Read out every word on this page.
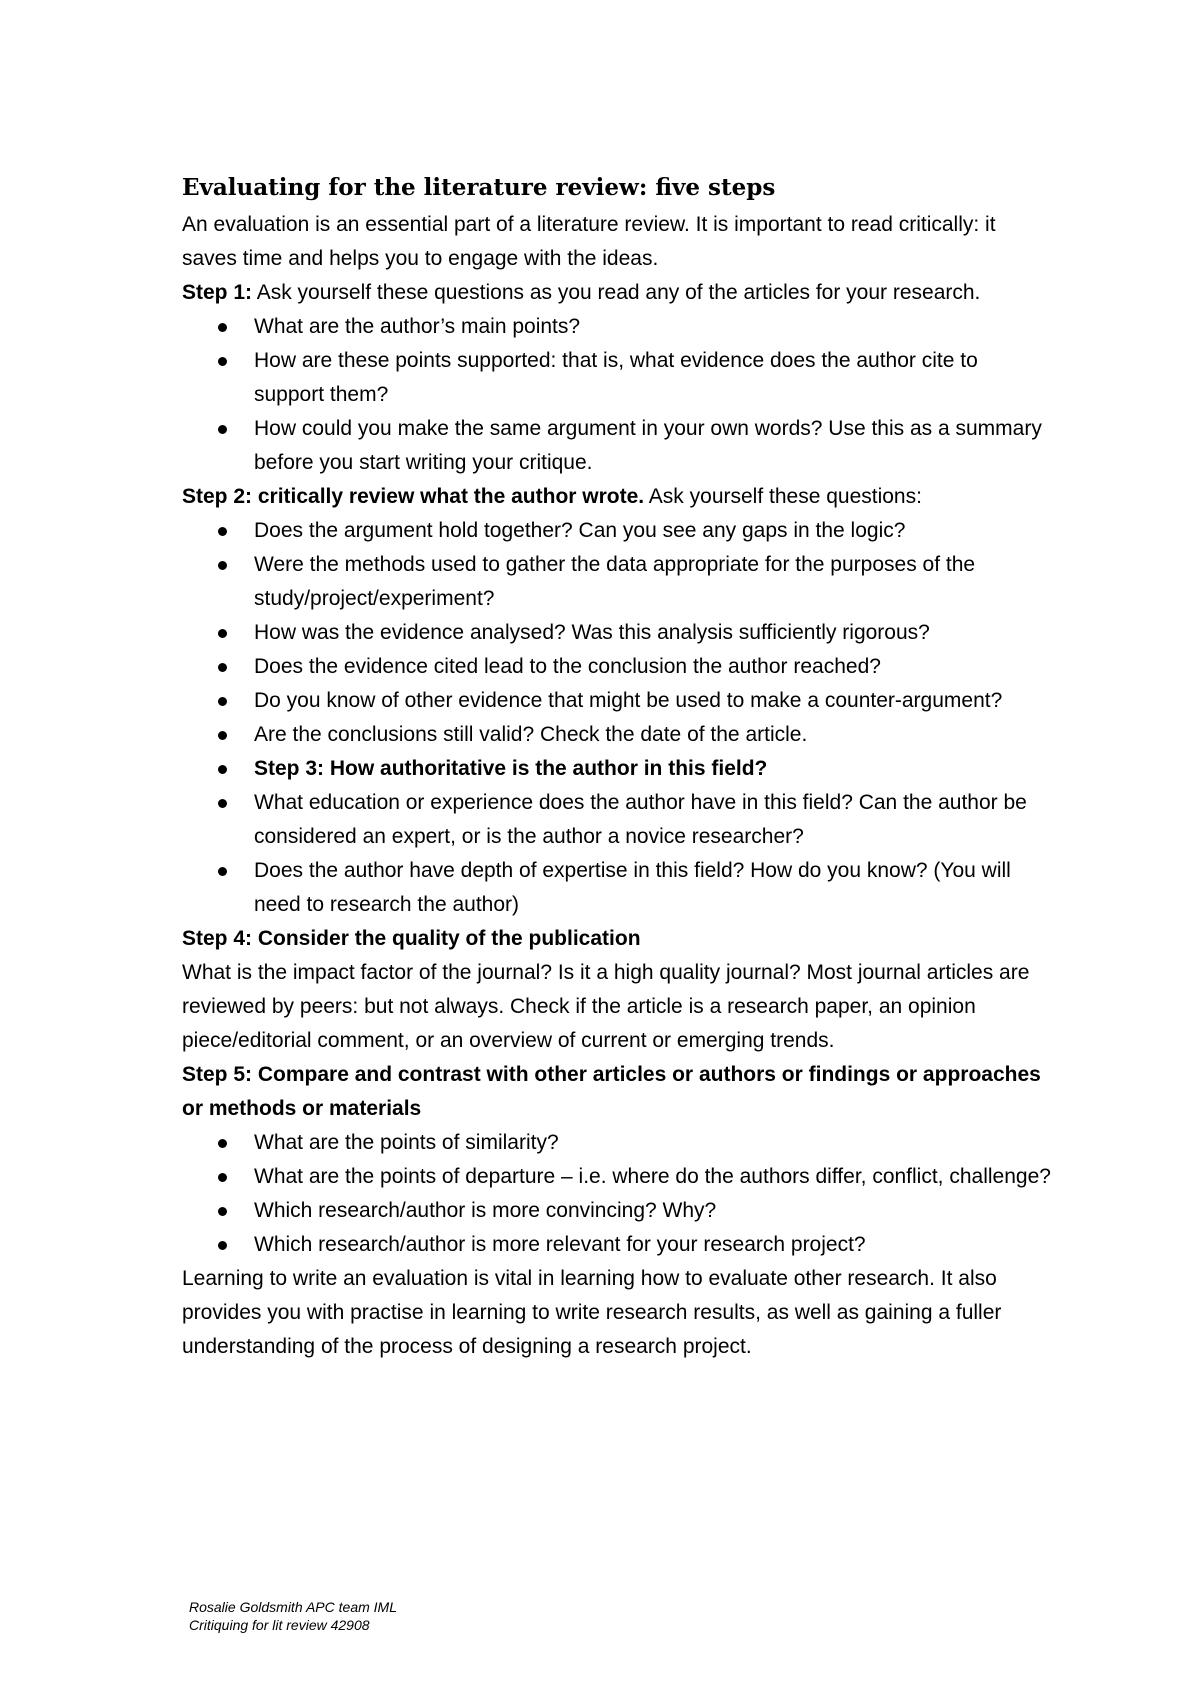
Evaluating for the literature review: five steps

An evaluation is an essential part of a literature review. It is important to read critically: it saves time and helps you to engage with the ideas.

Step 1: Ask yourself these questions as you read any of the articles for your research.

What are the author’s main points?
How are these points supported: that is, what evidence does the author cite to support them?
How could you make the same argument in your own words? Use this as a summary before you start writing your critique.

Step 2: critically review what the author wrote. Ask yourself these questions:

Does the argument hold together? Can you see any gaps in the logic?
Were the methods used to gather the data appropriate for the purposes of the study/project/experiment?
How was the evidence analysed? Was this analysis sufficiently rigorous?
Does the evidence cited lead to the conclusion the author reached?
Do you know of other evidence that might be used to make a counter-argument?
Are the conclusions still valid? Check the date of the article.
Step 3: How authoritative is the author in this field?
What education or experience does the author have in this field? Can the author be considered an expert, or is the author a novice researcher?
Does the author have depth of expertise in this field? How do you know? (You will need to research the author)

Step 4: Consider the quality of the publication

What is the impact factor of the journal? Is it a high quality journal? Most journal articles are reviewed by peers: but not always. Check if the article is a research paper, an opinion piece/editorial comment, or an overview of current or emerging trends.

Step 5: Compare and contrast with other articles or authors or findings or approaches or methods or materials

What are the points of similarity?
What are the points of departure – i.e. where do the authors differ, conflict, challenge?
Which research/author is more convincing? Why?
Which research/author is more relevant for your research project?

Learning to write an evaluation is vital in learning how to evaluate other research. It also provides you with practise in learning to write research results, as well as gaining a fuller understanding of the process of designing a research project.

Rosalie Goldsmith APC team IML
Critiquing for lit review 42908
